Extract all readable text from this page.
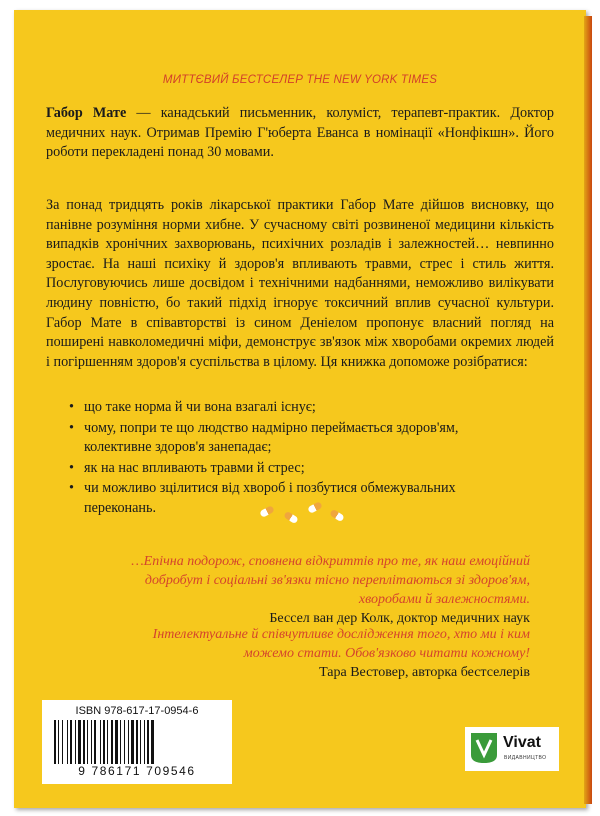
МИТТЄВИЙ БЕСТСЕЛЕР THE NEW YORK TIMES
Габор Мате — канадський письменник, колуміст, терапевт-практик. Доктор медичних наук. Отримав Премію Г'юберта Еванса в номінації «Нонфікшн». Його роботи перекладені понад 30 мовами.

За понад тридцять років лікарської практики Габор Мате дійшов висновку, що панівне розуміння норми хибне. У сучасному світі розвиненої медицини кількість випадків хронічних захворювань, психічних розладів і залежностей… невпинно зростає. На наші психіку й здоров'я впливають травми, стрес і стиль життя. Послуговуючись лише досвідом і технічними надбаннями, неможливо вилікувати людину повністю, бо такий підхід ігнорує токсичний вплив сучасної культури. Габор Мате в співавторстві із сином Деніелом пропонує власний погляд на поширені навколомедичні міфи, демонструє зв'язок між хворобами окремих людей і погіршенням здоров'я суспільства в цілому. Ця книжка допоможе розібратися:

• що таке норма й чи вона взагалі існує;
• чому, попри те що людство надмірно переймається здоров'ям, колективне здоров'я занепадає;
• як на нас впливають травми й стрес;
• чи можливо зцілитися від хвороб і позбутися обмежувальних переконань.
…Епічна подорож, сповнена відкриттів про те, як наш емоційний добробут і соціальні зв'язки тісно переплітаються зі здоров'ям, хворобами й залежностями.
Бессел ван дер Колк, доктор медичних наук
Інтелектуальне й співчутливе дослідження того, хто ми і ким можемо стати. Обов'язково читати кожному!
Тара Вестовер, авторка бестселерів
ISBN 978-617-17-0954-6
9 786171 709546
Vivat
ВИДАВНИЦТВО
